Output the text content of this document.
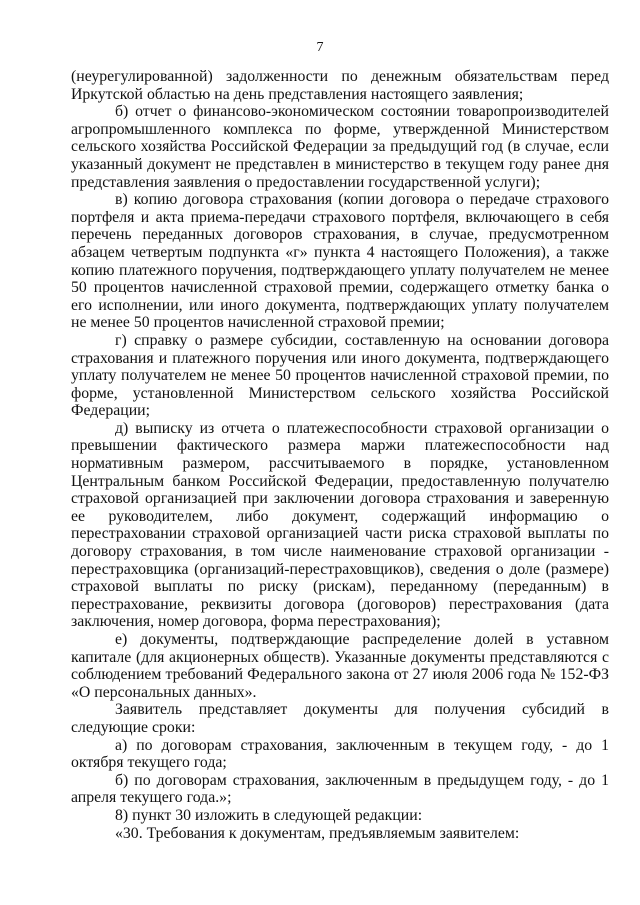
7

(неурегулированной) задолженности по денежным обязательствам перед Иркутской областью на день представления настоящего заявления;

б) отчет о финансово-экономическом состоянии товаропроизводителей агропромышленного комплекса по форме, утвержденной Министерством сельского хозяйства Российской Федерации за предыдущий год (в случае, если указанный документ не представлен в министерство в текущем году ранее дня представления заявления о предоставлении государственной услуги);

в) копию договора страхования (копии договора о передаче страхового портфеля и акта приема-передачи страхового портфеля, включающего в себя перечень переданных договоров страхования, в случае, предусмотренном абзацем четвертым подпункта «г» пункта 4 настоящего Положения), а также копию платежного поручения, подтверждающего уплату получателем не менее 50 процентов начисленной страховой премии, содержащего отметку банка о его исполнении, или иного документа, подтверждающих уплату получателем не менее 50 процентов начисленной страховой премии;

г) справку о размере субсидии, составленную на основании договора страхования и платежного поручения или иного документа, подтверждающего уплату получателем не менее 50 процентов начисленной страховой премии, по форме, установленной Министерством сельского хозяйства Российской Федерации;

д) выписку из отчета о платежеспособности страховой организации о превышении фактического размера маржи платежеспособности над нормативным размером, рассчитываемого в порядке, установленном Центральным банком Российской Федерации, предоставленную получателю страховой организацией при заключении договора страхования и заверенную ее руководителем, либо документ, содержащий информацию о перестраховании страховой организацией части риска страховой выплаты по договору страхования, в том числе наименование страховой организации - перестраховщика (организаций-перестраховщиков), сведения о доле (размере) страховой выплаты по риску (рискам), переданному (переданным) в перестрахование, реквизиты договора (договоров) перестрахования (дата заключения, номер договора, форма перестрахования);

е) документы, подтверждающие распределение долей в уставном капитале (для акционерных обществ). Указанные документы представляются с соблюдением требований Федерального закона от 27 июля 2006 года № 152-ФЗ «О персональных данных».

Заявитель представляет документы для получения субсидий в следующие сроки:

а) по договорам страхования, заключенным в текущем году, - до 1 октября текущего года;

б) по договорам страхования, заключенным в предыдущем году, - до 1 апреля текущего года.»;

8) пункт 30 изложить в следующей редакции:

«30. Требования к документам, предъявляемым заявителем:
